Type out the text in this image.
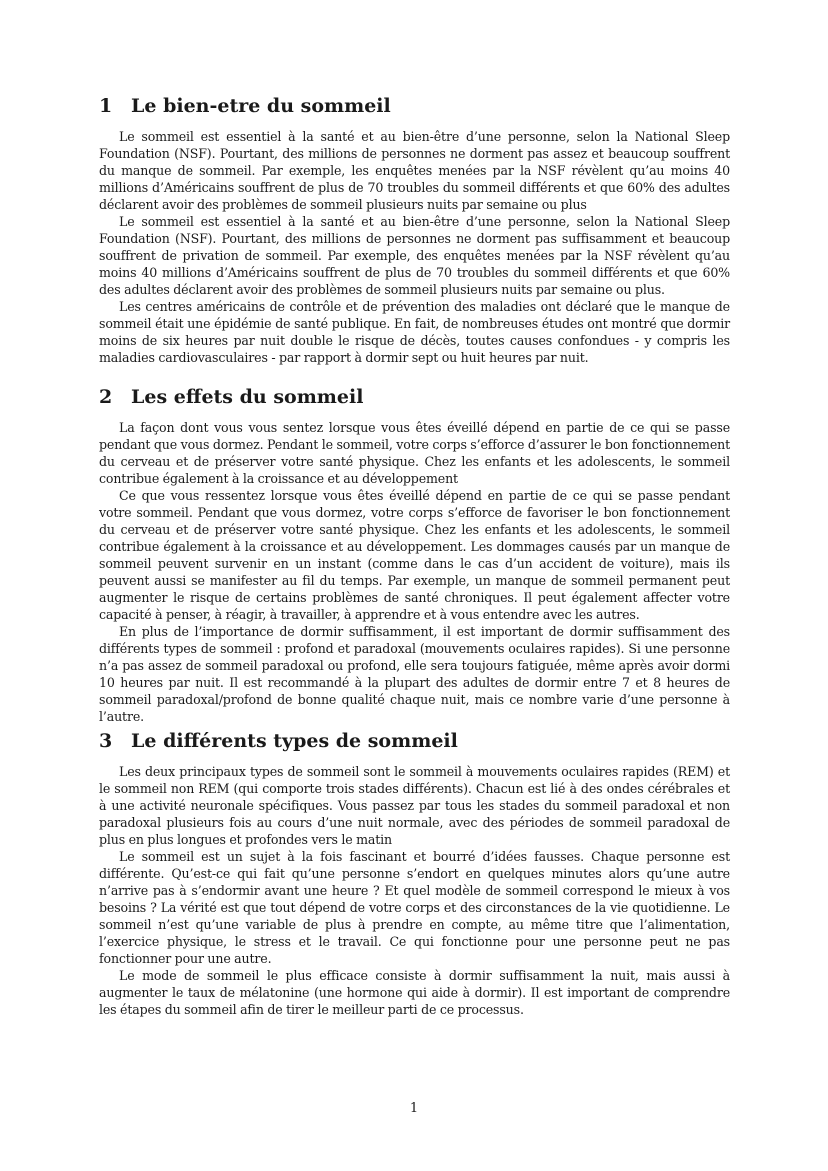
1 Le bien-etre du sommeil

Le sommeil est essentiel à la santé et au bien-être d’une personne, selon la National Sleep Foundation (NSF). Pourtant, des millions de personnes ne dorment pas assez et beaucoup souffrent du manque de sommeil. Par exemple, les enquêtes menées par la NSF révèlent qu’au moins 40 millions d’Américains souffrent de plus de 70 troubles du sommeil différents et que 60% des adultes déclarent avoir des problèmes de sommeil plusieurs nuits par semaine ou plus

Le sommeil est essentiel à la santé et au bien-être d’une personne, selon la National Sleep Foundation (NSF). Pourtant, des millions de personnes ne dorment pas suffisamment et beaucoup souffrent de privation de sommeil. Par exemple, des enquêtes menées par la NSF révèlent qu’au moins 40 millions d’Américains souffrent de plus de 70 troubles du sommeil différents et que 60% des adultes déclarent avoir des problèmes de sommeil plusieurs nuits par semaine ou plus.

Les centres américains de contrôle et de prévention des maladies ont déclaré que le manque de sommeil était une épidémie de santé publique. En fait, de nombreuses études ont montré que dormir moins de six heures par nuit double le risque de décès, toutes causes confondues - y compris les maladies cardiovasculaires - par rapport à dormir sept ou huit heures par nuit.

2 Les effets du sommeil

La façon dont vous vous sentez lorsque vous êtes éveillé dépend en partie de ce qui se passe pendant que vous dormez. Pendant le sommeil, votre corps s’efforce d’assurer le bon fonctionnement du cerveau et de préserver votre santé physique. Chez les enfants et les adolescents, le sommeil contribue également à la croissance et au développement

Ce que vous ressentez lorsque vous êtes éveillé dépend en partie de ce qui se passe pendant votre sommeil. Pendant que vous dormez, votre corps s’efforce de favoriser le bon fonctionnement du cerveau et de préserver votre santé physique. Chez les enfants et les adolescents, le sommeil contribue également à la croissance et au développement. Les dommages causés par un manque de sommeil peuvent survenir en un instant (comme dans le cas d’un accident de voiture), mais ils peuvent aussi se manifester au fil du temps. Par exemple, un manque de sommeil permanent peut augmenter le risque de certains problèmes de santé chroniques. Il peut également affecter votre capacité à penser, à réagir, à travailler, à apprendre et à vous entendre avec les autres.

En plus de l’importance de dormir suffisamment, il est important de dormir suffisamment des différents types de sommeil : profond et paradoxal (mouvements oculaires rapides). Si une personne n’a pas assez de sommeil paradoxal ou profond, elle sera toujours fatiguée, même après avoir dormi 10 heures par nuit. Il est recommandé à la plupart des adultes de dormir entre 7 et 8 heures de sommeil paradoxal/profond de bonne qualité chaque nuit, mais ce nombre varie d’une personne à l’autre.

3 Le différents types de sommeil

Les deux principaux types de sommeil sont le sommeil à mouvements oculaires rapides (REM) et le sommeil non REM (qui comporte trois stades différents). Chacun est lié à des ondes cérébrales et à une activité neuronale spécifiques. Vous passez par tous les stades du sommeil paradoxal et non paradoxal plusieurs fois au cours d’une nuit normale, avec des périodes de sommeil paradoxal de plus en plus longues et profondes vers le matin

Le sommeil est un sujet à la fois fascinant et bourré d’idées fausses. Chaque personne est différente. Qu’est-ce qui fait qu’une personne s’endort en quelques minutes alors qu’une autre n’arrive pas à s’endormir avant une heure ? Et quel modèle de sommeil correspond le mieux à vos besoins ? La vérité est que tout dépend de votre corps et des circonstances de la vie quotidienne. Le sommeil n’est qu’une variable de plus à prendre en compte, au même titre que l’alimentation, l’exercice physique, le stress et le travail. Ce qui fonctionne pour une personne peut ne pas fonctionner pour une autre.

Le mode de sommeil le plus efficace consiste à dormir suffisamment la nuit, mais aussi à augmenter le taux de mélatonine (une hormone qui aide à dormir). Il est important de comprendre les étapes du sommeil afin de tirer le meilleur parti de ce processus.

1
